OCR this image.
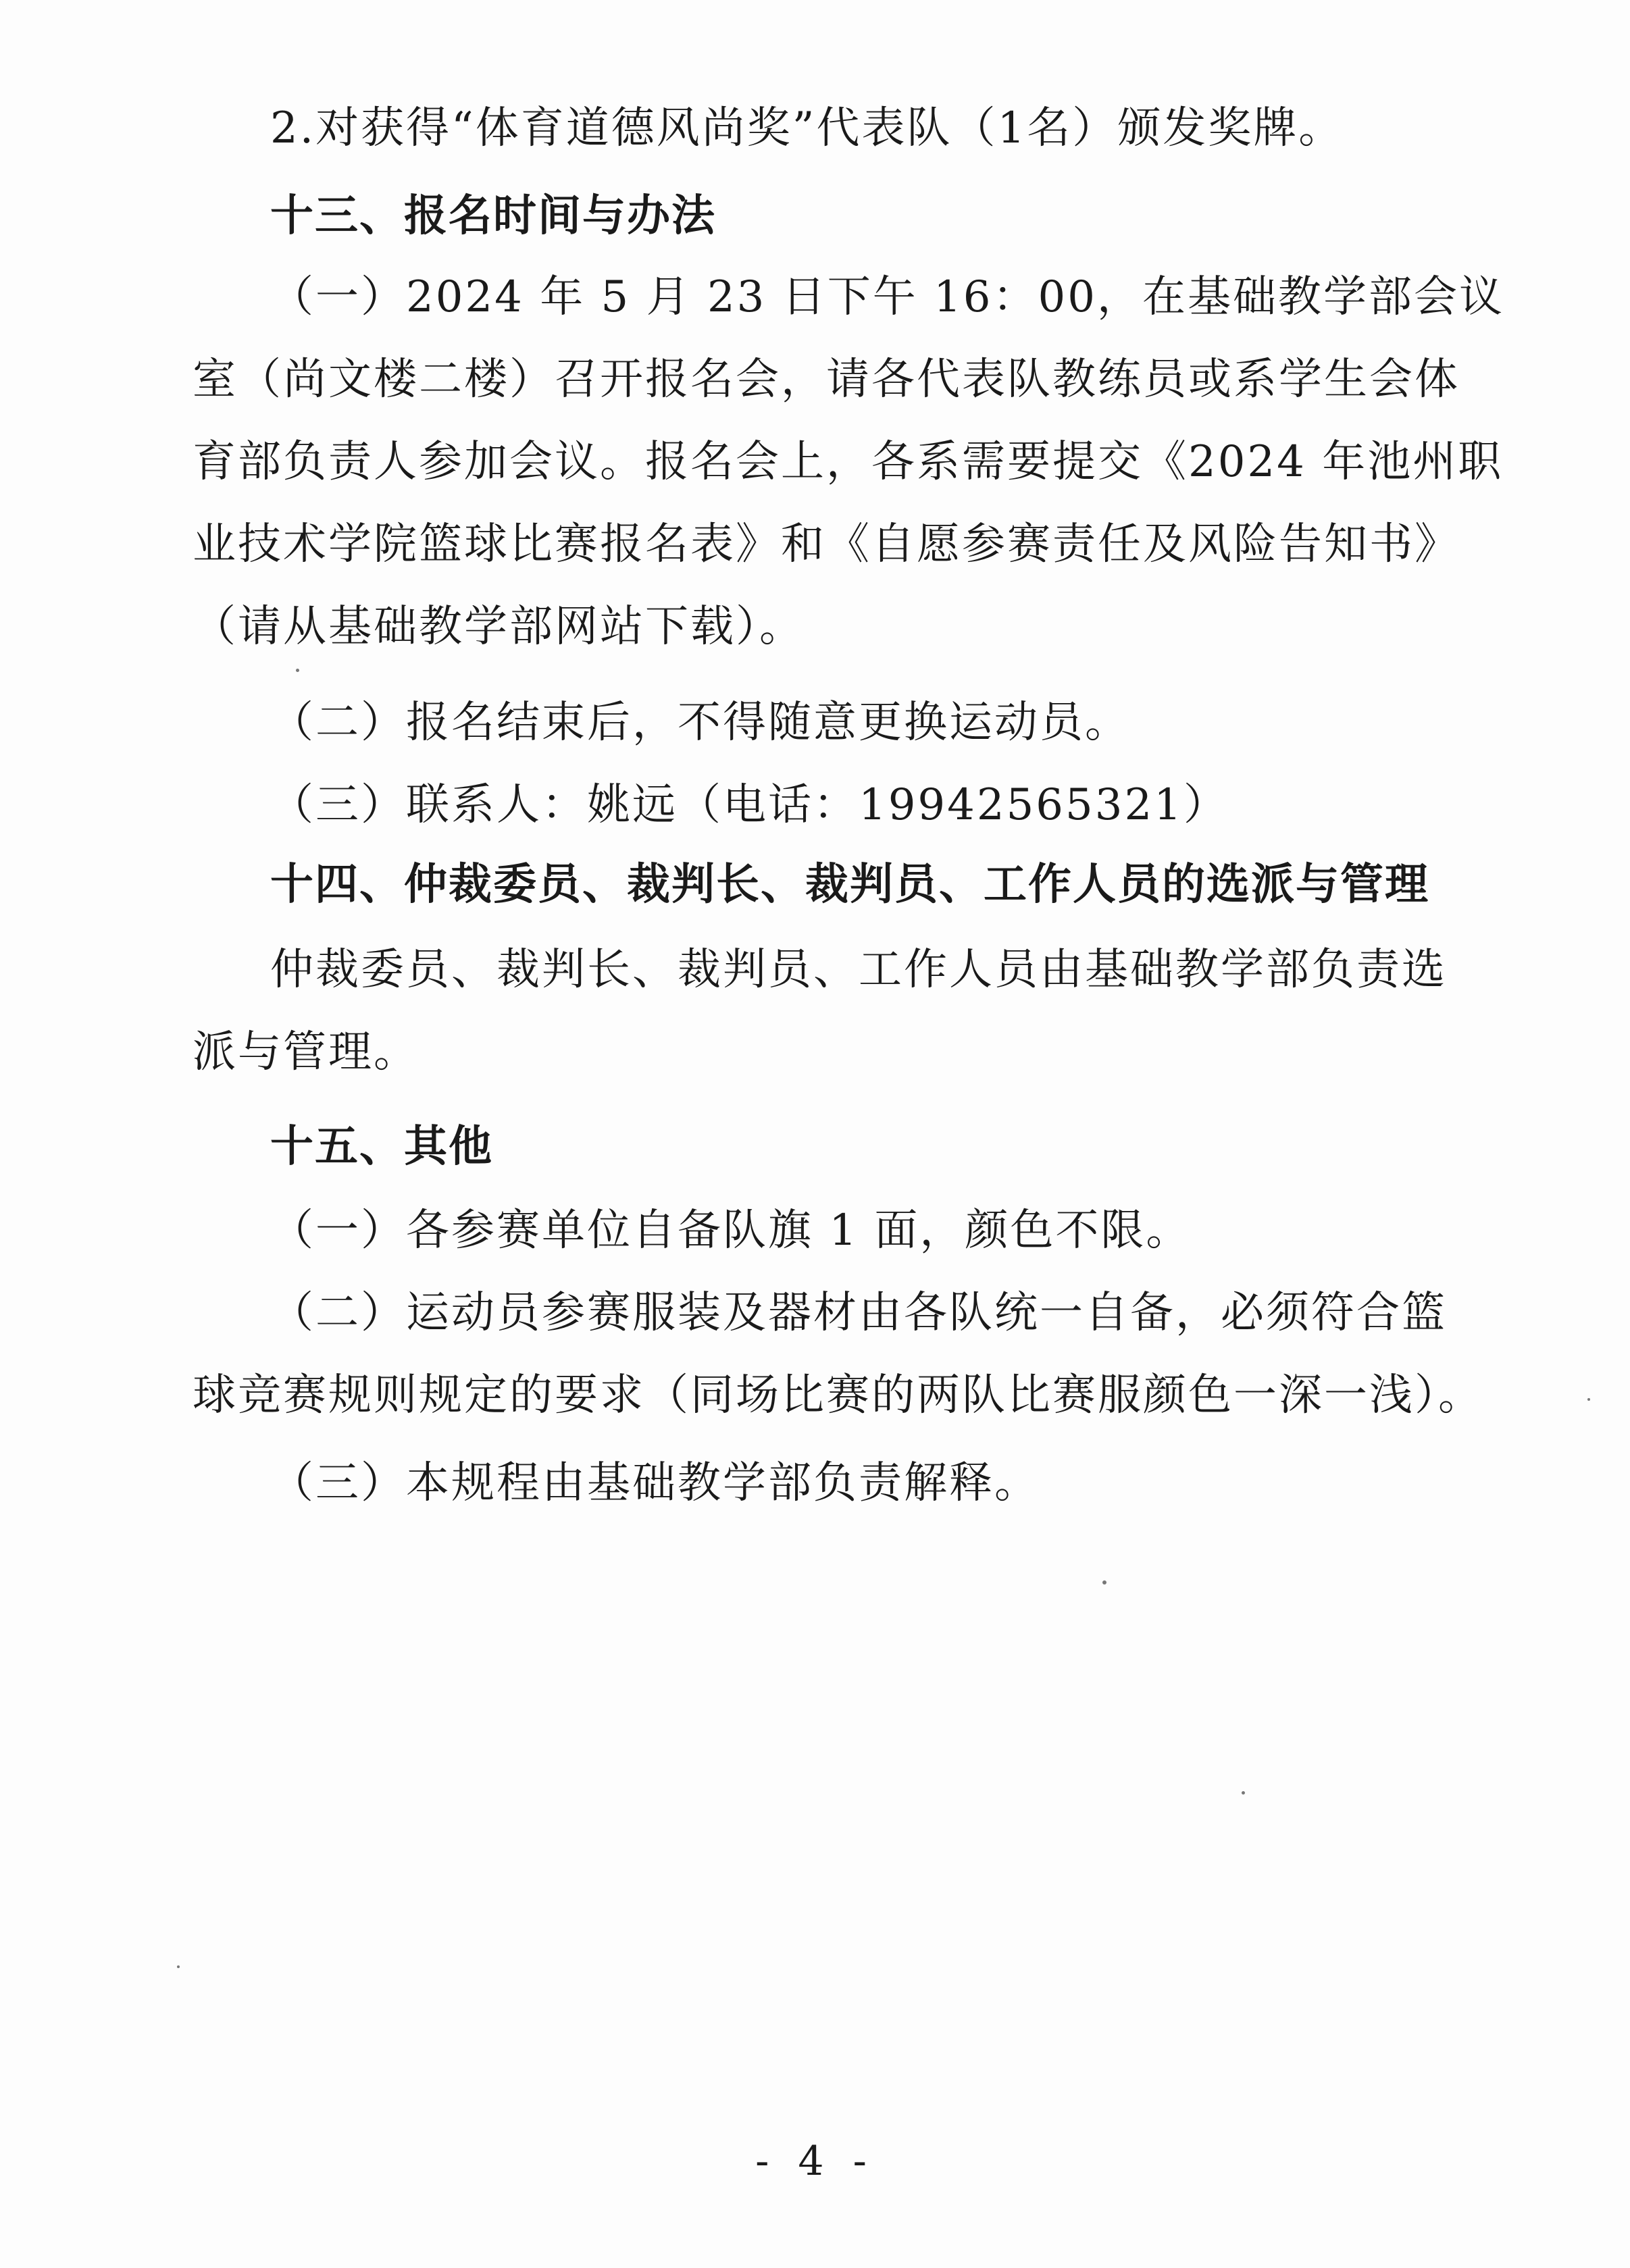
2.对获得“体育道德风尚奖”代表队（1名）颁发奖牌。
十三、报名时间与办法
（一）2024 年 5 月 23 日下午 16：00，在基础教学部会议
室（尚文楼二楼）召开报名会，请各代表队教练员或系学生会体
育部负责人参加会议。报名会上，各系需要提交《2024 年池州职
业技术学院篮球比赛报名表》和《自愿参赛责任及风险告知书》
（请从基础教学部网站下载）。
（二）报名结束后，不得随意更换运动员。
（三）联系人：姚远（电话：19942565321）
十四、仲裁委员、裁判长、裁判员、工作人员的选派与管理
仲裁委员、裁判长、裁判员、工作人员由基础教学部负责选
派与管理。
十五、其他
（一）各参赛单位自备队旗 1 面，颜色不限。
（二）运动员参赛服装及器材由各队统一自备，必须符合篮
球竞赛规则规定的要求（同场比赛的两队比赛服颜色一深一浅）。
（三）本规程由基础教学部负责解释。
- 4 -
